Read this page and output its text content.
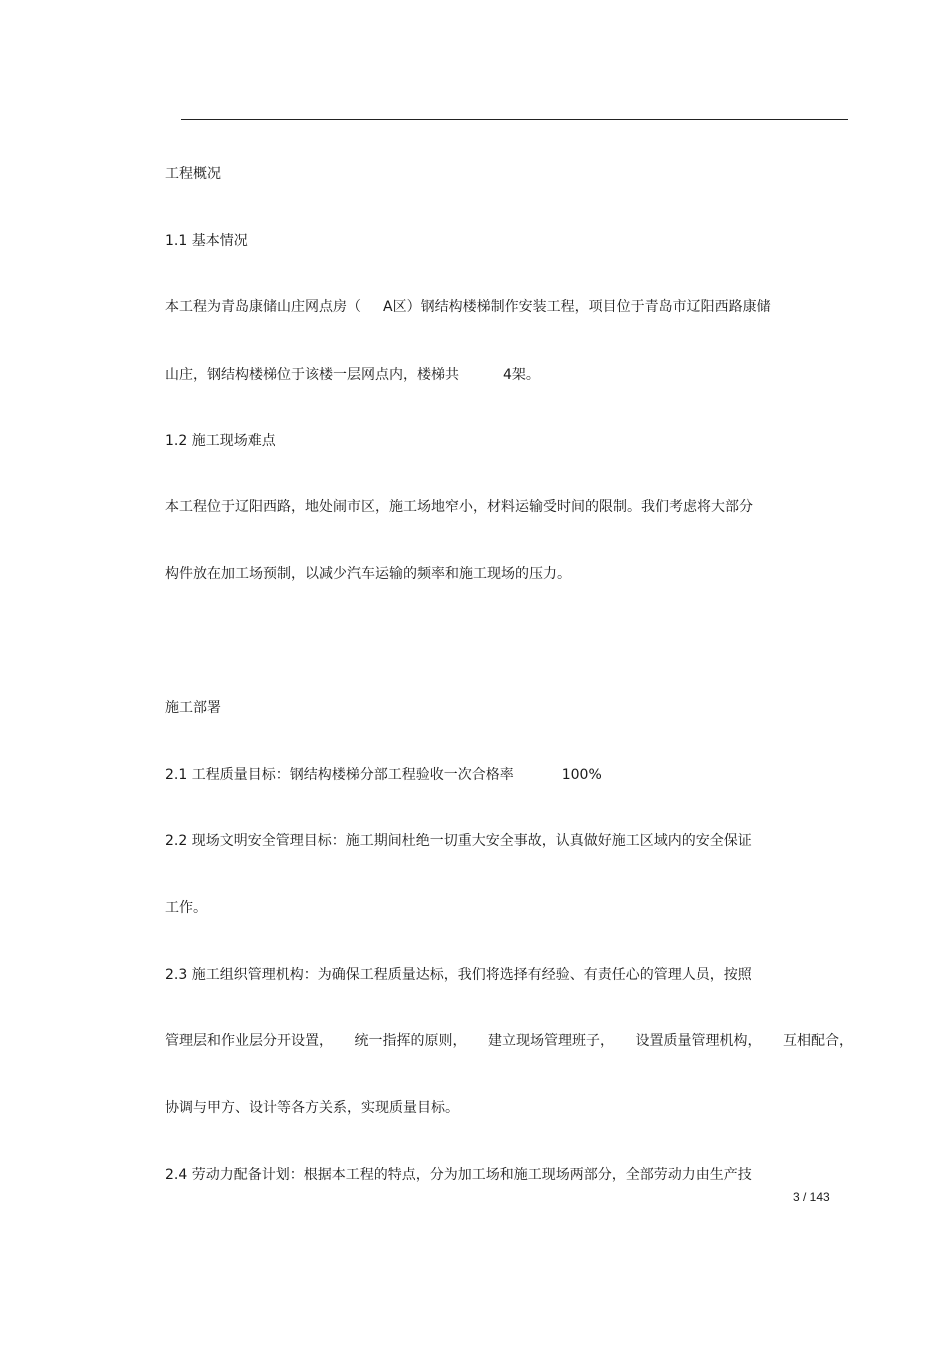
工程概况
1.1 基本情况
本工程为青岛康储山庄网点房（ A区）钢结构楼梯制作安装工程，项目位于青岛市辽阳西路康储
山庄，钢结构楼梯位于该楼一层网点内，楼梯共	4架。
1.2 施工现场难点
本工程位于辽阳西路，地处闹市区，施工场地窄小，材料运输受时间的限制。我们考虑将大部分
构件放在加工场预制，以减少汽车运输的频率和施工现场的压力。
施工部署
2.1 工程质量目标：钢结构楼梯分部工程验收一次合格率	100%
2.2 现场文明安全管理目标：施工期间杜绝一切重大安全事故，认真做好施工区域内的安全保证
工作。
2.3 施工组织管理机构：为确保工程质量达标，我们将选择有经验、有责任心的管理人员，按照
管理层和作业层分开设置， 统一指挥的原则， 建立现场管理班子， 设置质量管理机构， 互相配合，
协调与甲方、设计等各方关系，实现质量目标。
2.4 劳动力配备计划：根据本工程的特点，分为加工场和施工现场两部分，全部劳动力由生产技
3 / 143
